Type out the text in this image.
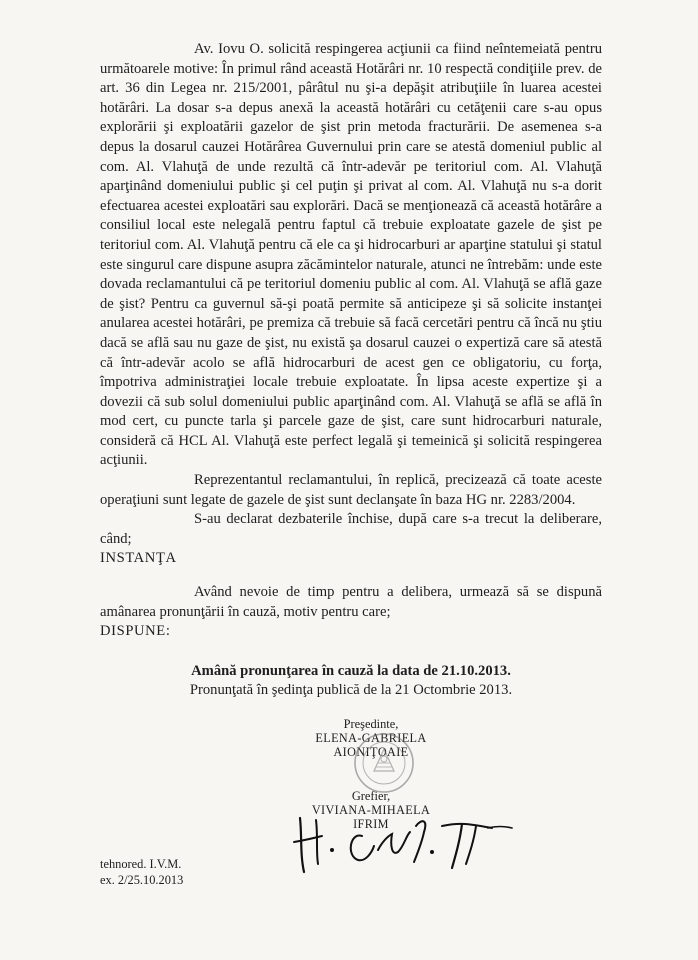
Av. Iovu O. solicită respingerea acţiunii ca fiind neîntemeiată pentru următoarele motive: În primul rând această Hotărâri nr. 10 respectă condiţiile prev. de art. 36 din Legea nr. 215/2001, pârâtul nu şi-a depăşit atribuţiile în luarea acestei hotărâri. La dosar s-a depus anexă la această hotărâri cu cetăţenii care s-au opus explorării şi exploatării gazelor de şist prin metoda fracturării. De asemenea s-a depus la dosarul cauzei Hotărârea Guvernului prin care se atestă domeniul public al com. Al. Vlahuţă de unde rezultă că într-adevăr pe teritoriul com. Al. Vlahuţă aparţinând domeniului public şi cel puţin şi privat al com. Al. Vlahuţă nu s-a dorit efectuarea acestei exploatări sau explorări. Dacă se menţionează că această hotărâre a consiliul local este nelegală pentru faptul că trebuie exploatate gazele de şist pe teritoriul com. Al. Vlahuţă pentru că ele ca şi hidrocarburi ar aparţine statului şi statul este singurul care dispune asupra zăcămintelor naturale, atunci ne întrebăm: unde este dovada reclamantului că pe teritoriul domeniu public al com. Al. Vlahuţă se află gaze de şist? Pentru ca guvernul să-şi poată permite să anticipeze şi să solicite instanţei anularea acestei hotărâri, pe premiza că trebuie să facă cercetări pentru că încă nu ştiu dacă se află sau nu gaze de şist, nu există şa dosarul cauzei o expertiză care să atestă că într-adevăr acolo se află hidrocarburi de acest gen ce obligatoriu, cu forţa, împotriva administraţiei locale trebuie exploatate. În lipsa aceste expertize şi a dovezii că sub solul domeniului public aparţinând com. Al. Vlahuţă se află se află în mod cert, cu puncte tarla şi parcele gaze de şist, care sunt hidrocarburi naturale, consideră că HCL Al. Vlahuţă este perfect legală şi temeinică şi solicită respingerea acţiunii.

Reprezentantul reclamantului, în replică, precizează că toate aceste operaţiuni sunt legate de gazele de şist sunt declanşate în baza HG nr. 2283/2004.

S-au declarat dezbaterile închise, după care s-a trecut la deliberare, când;

INSTANŢA

Având nevoie de timp pentru a delibera, urmează să se dispună amânarea pronunţării în cauză, motiv pentru care;

DISPUNE:

Amână pronunţarea în cauză la data de 21.10.2013.
Pronunţată în şedinţa publică de la 21 Octombrie 2013.
Preşedinte,
ELENA-GABRIELA
AIONIŢOAIE
Grefier,
VIVIANA-MIHAELA
IFRIM
tehnored. I.V.M.
ex. 2/25.10.2013
